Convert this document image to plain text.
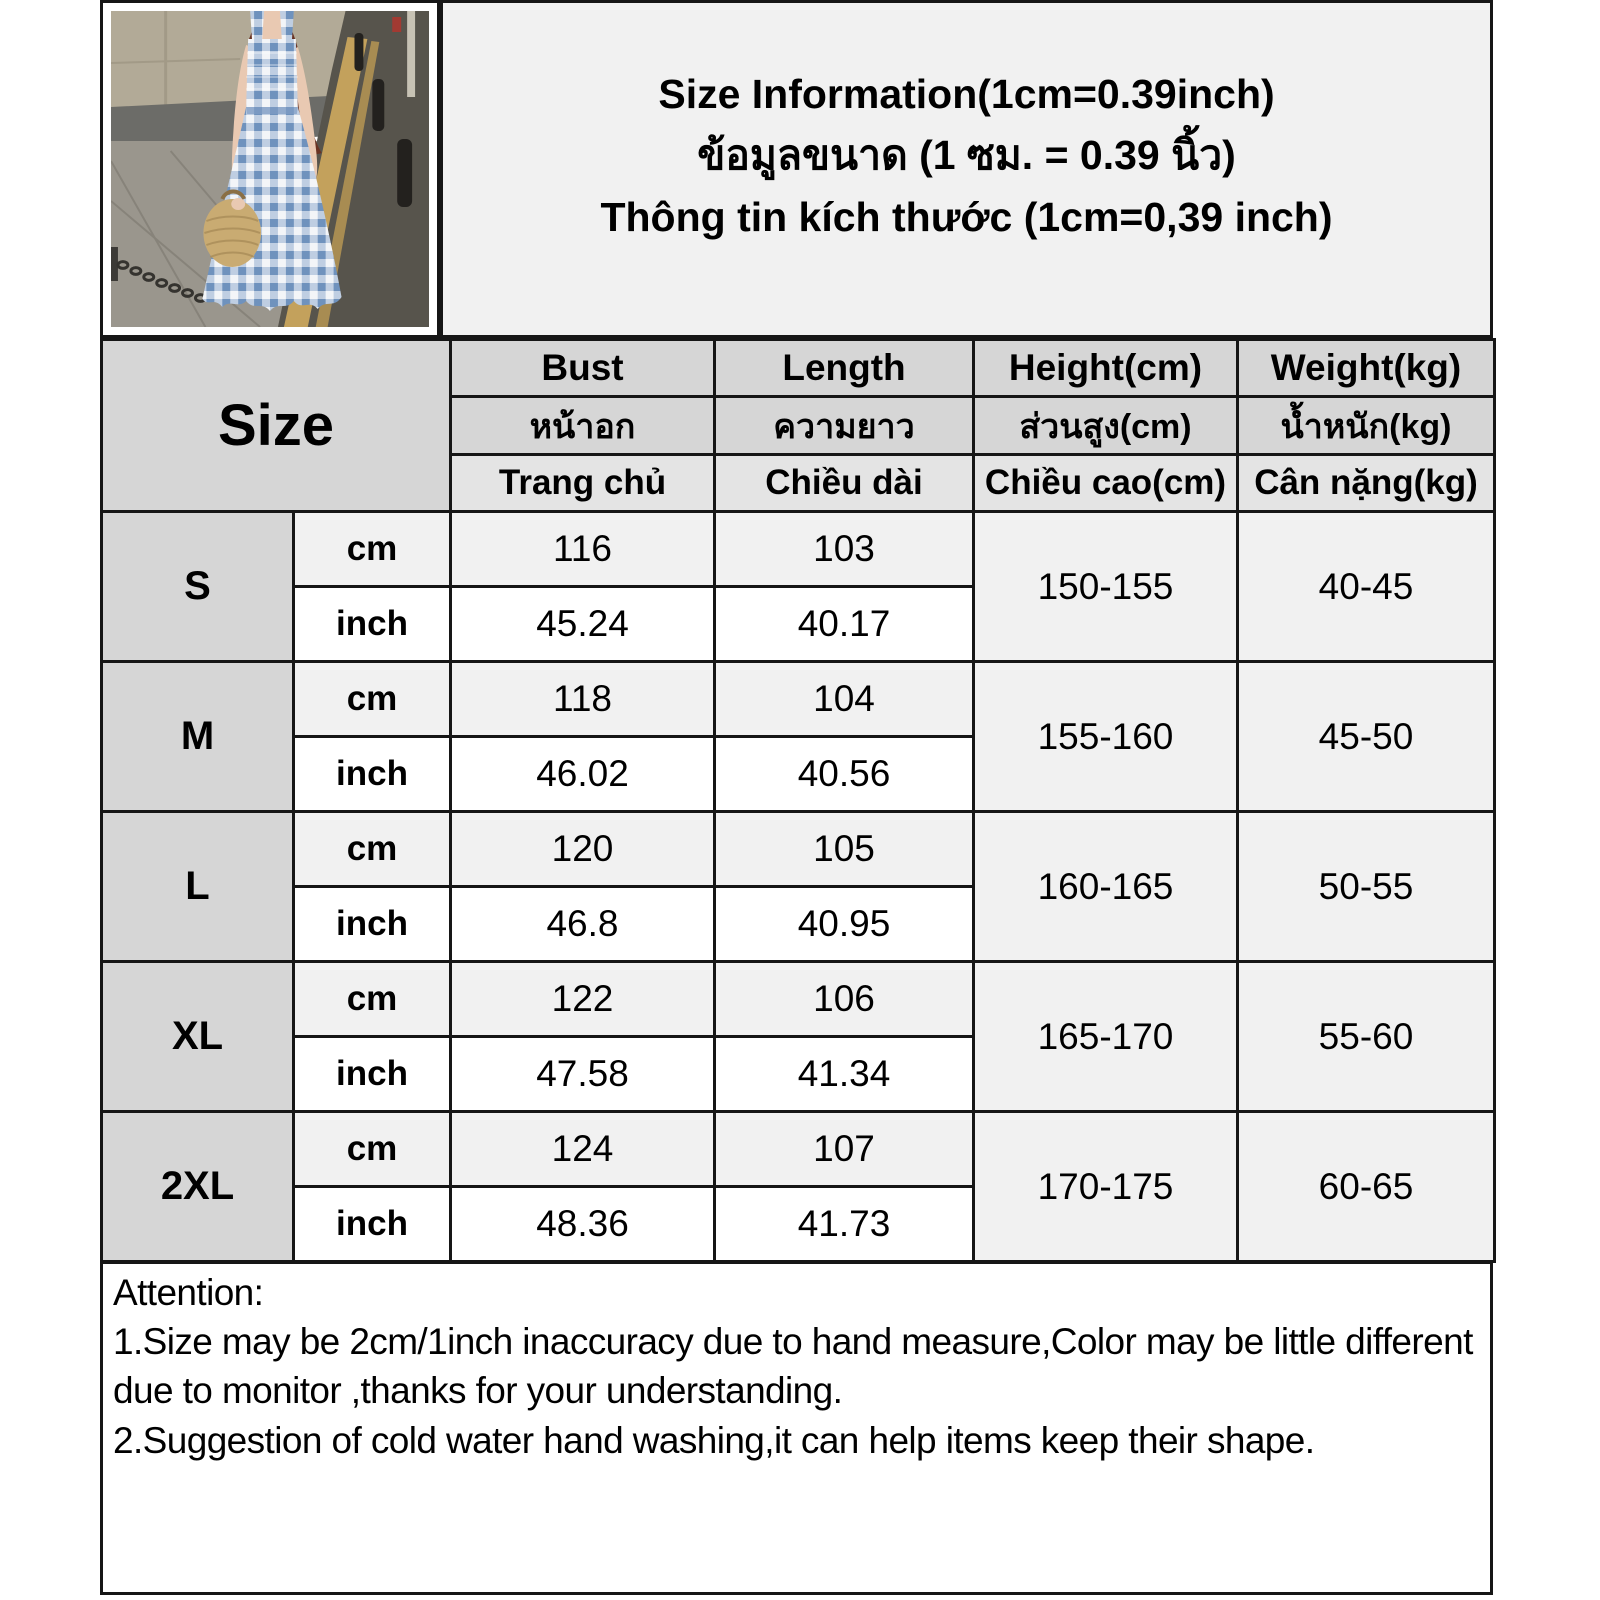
Size Information(1cm=0.39inch)
ข้อมูลขนาด (1 ซม. = 0.39 นิ้ว)
Thông tin kích thước (1cm=0,39 inch)
Size		Bust	Length	Height(cm)	Weight(kg)
		หน้าอก	ความยาว	ส่วนสูง(cm)	น้ำหนัก(kg)
		Trang chủ	Chiều dài	Chiều cao(cm)	Cân nặng(kg)
S	cm	116	103	150-155	40-45
	inch	45.24	40.17		
M	cm	118	104	155-160	45-50
	inch	46.02	40.56		
L	cm	120	105	160-165	50-55
	inch	46.8	40.95		
XL	cm	122	106	165-170	55-60
	inch	47.58	41.34		
2XL	cm	124	107	170-175	60-65
	inch	48.36	41.73		

Attention:

1.Size may be 2cm/1inch inaccuracy due to hand measure,Color may be little different due to monitor ,thanks for your understanding.

2.Suggestion of cold water hand washing,it can help items keep their shape.
